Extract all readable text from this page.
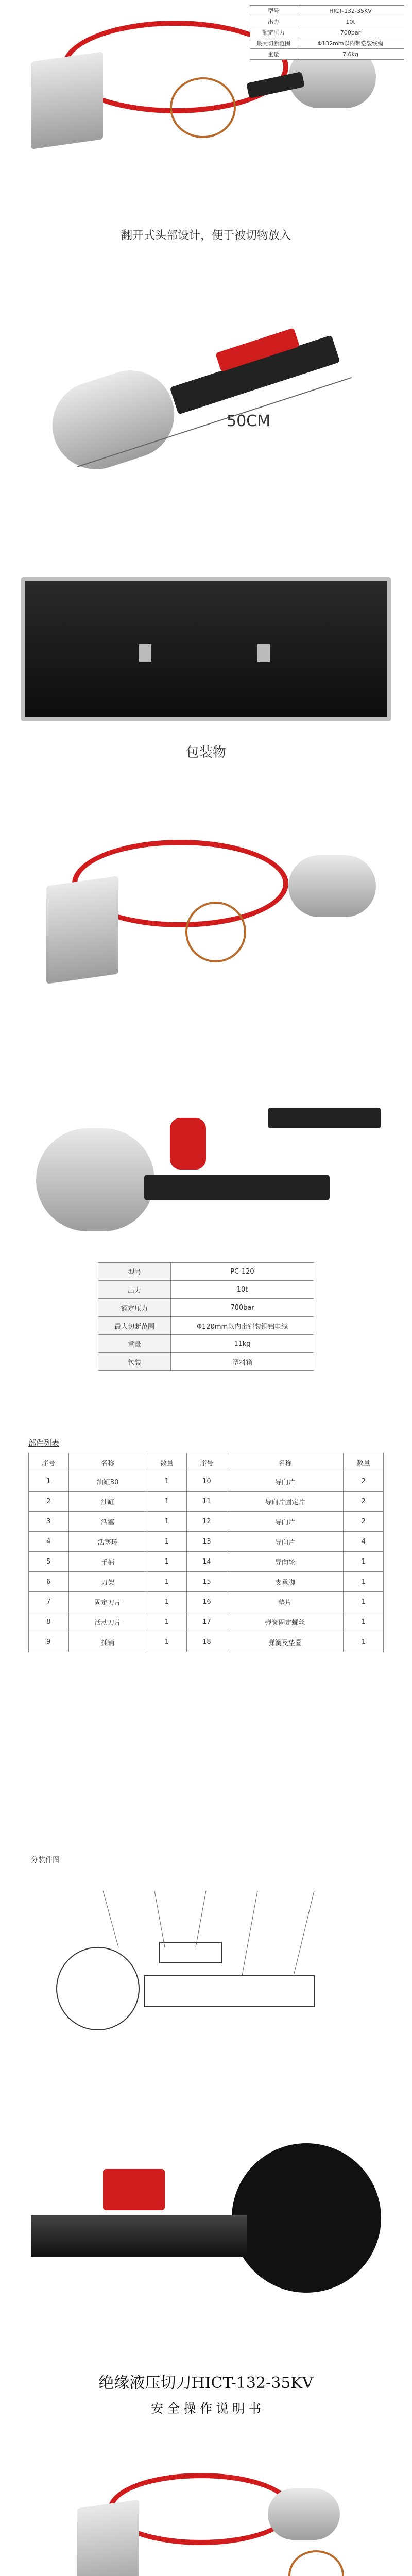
型号	HICT-132-35KV
出力	10t
额定压力	700bar
最大切断范围	Φ132mm以内带铠装线缆
重量	7.6kg
翻开式头部设计，便于被切物放入
50CM
包装物
型号	PC-120
出力	10t
额定压力	700bar
最大切断范围	Φ120mm以内带铠装铜铝电缆
重量	11kg
包装	塑料箱
部件列表
序号	名称	数量	序号	名称	数量
1	油缸30	1	10	导向片	2
2	油缸	1	11	导向片固定片	2
3	活塞	1	12	导向片	2
4	活塞环	1	13	导向片	4
5	手柄	1	14	导向轮	1
6	刀架	1	15	支承脚	1
7	固定刀片	1	16	垫片	1
8	活动刀片	1	17	弹簧固定螺丝	1
9	插销	1	18	弹簧及垫圈	1
分装件图
绝缘液压切刀HICT-132-35KV
安 全 操 作 说 明 书
